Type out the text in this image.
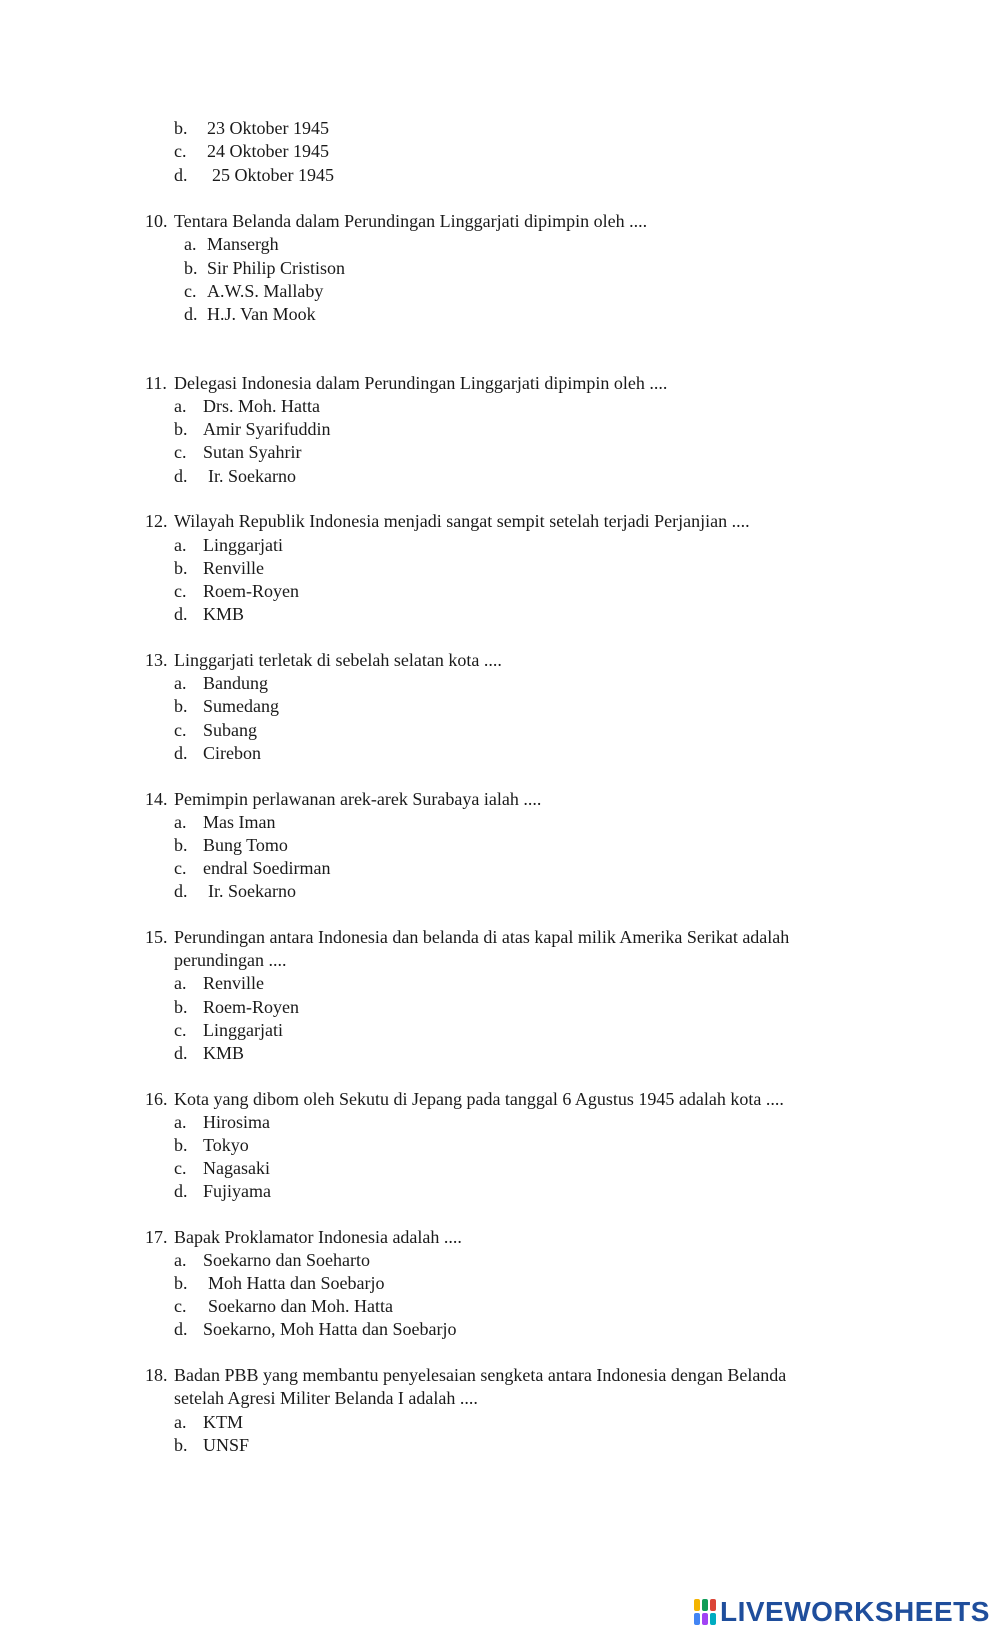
b. 23 Oktober 1945
c. 24 Oktober 1945
d. 25 Oktober 1945
10. Tentara Belanda dalam Perundingan Linggarjati dipimpin oleh ....
a. Mansergh
b. Sir Philip Cristison
c. A.W.S. Mallaby
d. H.J. Van Mook
11. Delegasi Indonesia dalam Perundingan Linggarjati dipimpin oleh ....
a. Drs. Moh. Hatta
b. Amir Syarifuddin
c. Sutan Syahrir
d. Ir. Soekarno
12. Wilayah Republik Indonesia menjadi sangat sempit setelah terjadi Perjanjian ....
a. Linggarjati
b. Renville
c. Roem-Royen
d. KMB
13. Linggarjati terletak di sebelah selatan kota ....
a. Bandung
b. Sumedang
c. Subang
d. Cirebon
14. Pemimpin perlawanan arek-arek Surabaya ialah ....
a. Mas Iman
b. Bung Tomo
c. endral Soedirman
d. Ir. Soekarno
15. Perundingan antara Indonesia dan belanda di atas kapal milik Amerika Serikat adalah
perundingan ....
a. Renville
b. Roem-Royen
c. Linggarjati
d. KMB
16. Kota yang dibom oleh Sekutu di Jepang pada tanggal 6 Agustus 1945 adalah kota ....
a. Hirosima
b. Tokyo
c. Nagasaki
d. Fujiyama
17. Bapak Proklamator Indonesia adalah ....
a. Soekarno dan Soeharto
b. Moh Hatta dan Soebarjo
c. Soekarno dan Moh. Hatta
d. Soekarno, Moh Hatta dan Soebarjo
18. Badan PBB yang membantu penyelesaian sengketa antara Indonesia dengan Belanda
setelah Agresi Militer Belanda I adalah ....
a. KTM
b. UNSF
LIVEWORKSHEETS
